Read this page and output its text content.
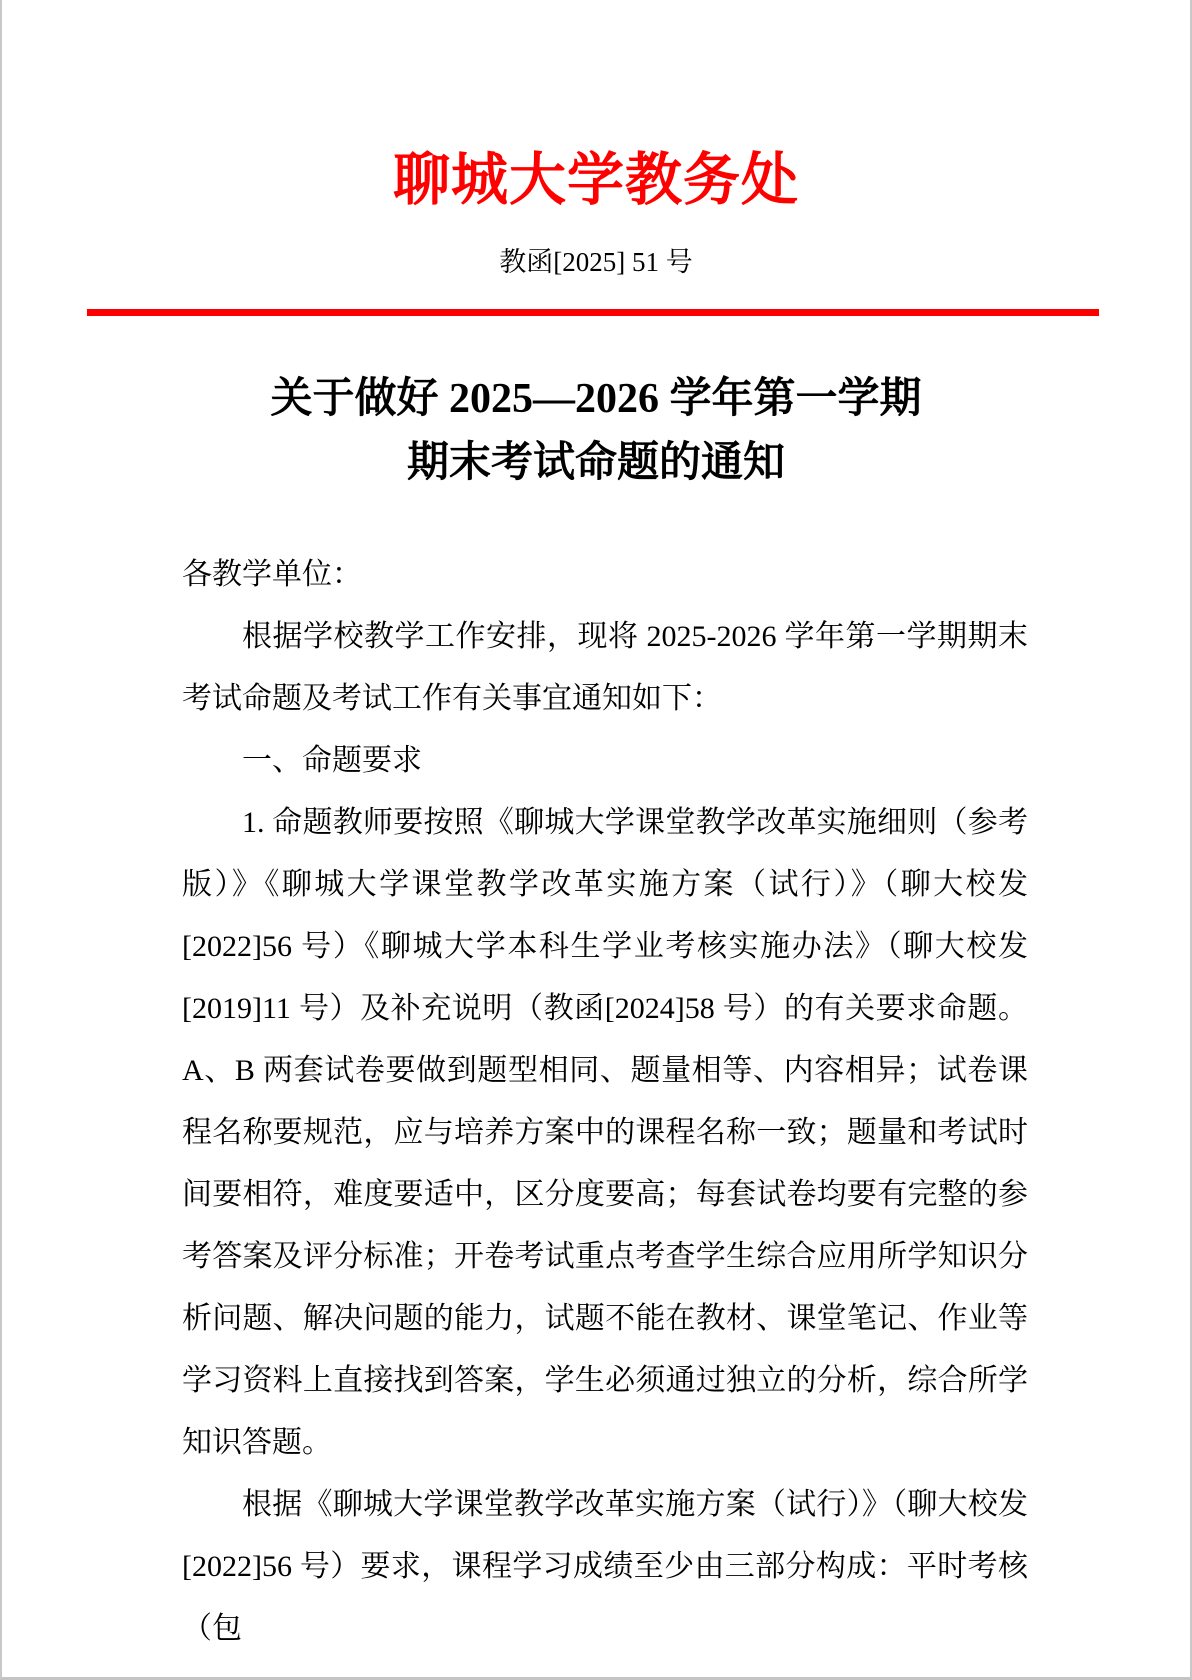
聊城大学教务处
教函[2025] 51 号
关于做好 2025—2026 学年第一学期
期末考试命题的通知

各教学单位：

根据学校教学工作安排，现将 2025-2026 学年第一学期期末考试命题及考试工作有关事宜通知如下：

一、命题要求

1. 命题教师要按照《聊城大学课堂教学改革实施细则（参考版）》《聊城大学课堂教学改革实施方案（试行）》（聊大校发[2022]56 号）《聊城大学本科生学业考核实施办法》（聊大校发[2019]11 号）及补充说明（教函[2024]58 号）的有关要求命题。A、B 两套试卷要做到题型相同、题量相等、内容相异；试卷课程名称要规范，应与培养方案中的课程名称一致；题量和考试时间要相符，难度要适中，区分度要高；每套试卷均要有完整的参考答案及评分标准；开卷考试重点考查学生综合应用所学知识分析问题、解决问题的能力，试题不能在教材、课堂笔记、作业等学习资料上直接找到答案，学生必须通过独立的分析，综合所学知识答题。

根据《聊城大学课堂教学改革实施方案（试行）》（聊大校发[2022]56 号）要求，课程学习成绩至少由三部分构成：平时考核（包
